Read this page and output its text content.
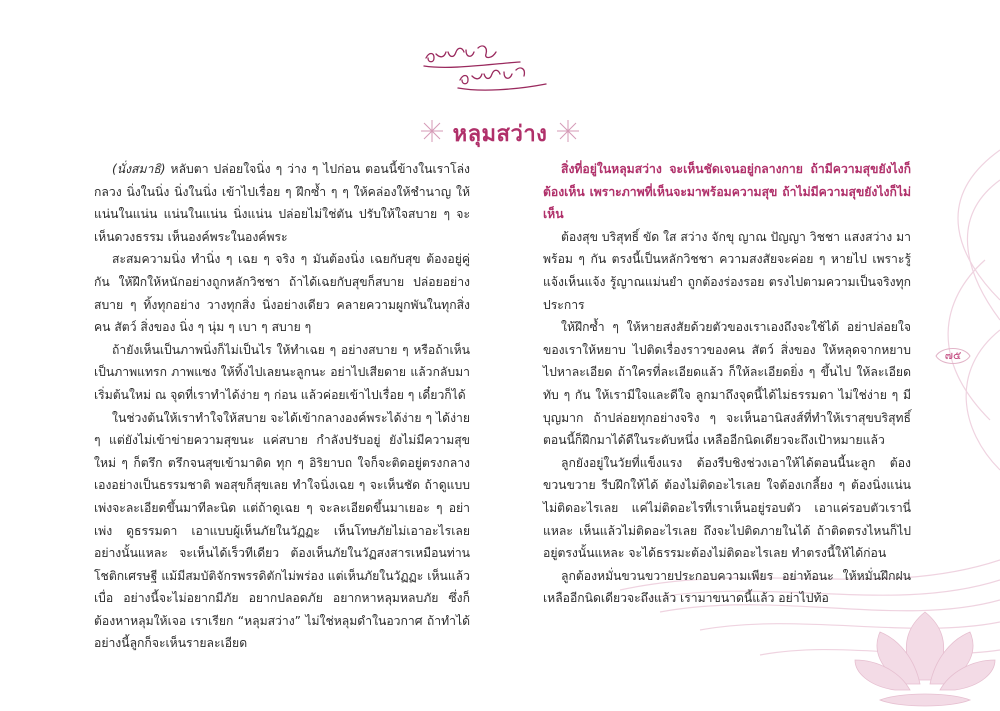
หลุมสว่าง

(นั่งสมาธิ) หลับตา ปล่อยใจนิ่ง ๆ ว่าง ๆ ไปก่อน ตอนนี้ข้างในเราโล่งกลวง นิ่งในนิ่ง นิ่งในนิ่ง เข้าไปเรื่อย ๆ ฝึกซ้ำ ๆ ๆ ให้คล่องให้ชำนาญ ให้แน่นในแน่น แน่นในแน่น นิ่งแน่น ปล่อยไม่ใช่ตัน ปรับให้ใจสบาย ๆ จะเห็นดวงธรรม เห็นองค์พระในองค์พระ

สะสมความนิ่ง ทำนิ่ง ๆ เฉย ๆ จริง ๆ มันต้องนิ่ง เฉยกับสุข ต้องอยู่คู่กัน ให้ฝึกให้หนักอย่างถูกหลักวิชชา ถ้าได้เฉยกับสุขก็สบาย ปล่อยอย่างสบาย ๆ ทิ้งทุกอย่าง วางทุกสิ่ง นิ่งอย่างเดียว คลายความผูกพันในทุกสิ่ง คน สัตว์ สิ่งของ นิ่ง ๆ นุ่ม ๆ เบา ๆ สบาย ๆ

ถ้ายังเห็นเป็นภาพนิ่งก็ไม่เป็นไร ให้ทำเฉย ๆ อย่างสบาย ๆ หรือถ้าเห็นเป็นภาพแทรก ภาพแซง ให้ทิ้งไปเลยนะลูกนะ อย่าไปเสียดาย แล้วกลับมาเริ่มต้นใหม่ ณ จุดที่เราทำได้ง่าย ๆ ก่อน แล้วค่อยเข้าไปเรื่อย ๆ เดี๋ยวก็ได้

ในช่วงต้นให้เราทำใจให้สบาย จะได้เข้ากลางองค์พระได้ง่าย ๆ ได้ง่าย ๆ แต่ยังไม่เข้าข่ายความสุขนะ แค่สบาย กำลังปรับอยู่ ยังไม่มีความสุข ใหม่ ๆ ก็ตรึก ตรึกจนสุขเข้ามาติด ทุก ๆ อิริยาบถ ใจก็จะติดอยู่ตรงกลางเองอย่างเป็นธรรมชาติ พอสุขก็สุขเลย ทำใจนิ่งเฉย ๆ จะเห็นชัด ถ้าดูแบบเพ่งจะละเอียดขึ้นมาทีละนิด แต่ถ้าดูเฉย ๆ จะละเอียดขึ้นมาเยอะ ๆ อย่าเพ่ง ดูธรรมดา เอาแบบผู้เห็นภัยในวัฏฏะ เห็นโทษภัยไม่เอาอะไรเลย อย่างนั้นแหละ จะเห็นได้เร็วทีเดียว ต้องเห็นภัยในวัฏสงสารเหมือนท่านโชติกเศรษฐี แม้มีสมบัติจักรพรรดิตักไม่พร่อง แต่เห็นภัยในวัฏฏะ เห็นแล้วเบื่อ อย่างนี้จะไม่อยากมีภัย อยากปลอดภัย อยากหาหลุมหลบภัย ซึ่งก็ต้องหาหลุมให้เจอ เราเรียก “หลุมสว่าง” ไม่ใช่หลุมดำในอวกาศ ถ้าทำได้อย่างนี้ลูกก็จะเห็นรายละเอียด

สิ่งที่อยู่ในหลุมสว่าง จะเห็นชัดเจนอยู่กลางกาย ถ้ามีความสุขยังไงก็ต้องเห็น เพราะภาพที่เห็นจะมาพร้อมความสุข ถ้าไม่มีความสุขยังไงก็ไม่เห็น

ต้องสุข บริสุทธิ์ ขัด ใส สว่าง จักขุ ญาณ ปัญญา วิชชา แสงสว่าง มาพร้อม ๆ กัน ตรงนี้เป็นหลักวิชชา ความสงสัยจะค่อย ๆ หายไป เพราะรู้แจ้งเห็นแจ้ง รู้ญาณแม่นยำ ถูกต้องร่องรอย ตรงไปตามความเป็นจริงทุกประการ

ให้ฝึกซ้ำ ๆ ให้หายสงสัยด้วยตัวของเราเองถึงจะใช้ได้ อย่าปล่อยใจของเราให้หยาบ ไปติดเรื่องราวของคน สัตว์ สิ่งของ ให้หลุดจากหยาบไปหาละเอียด ถ้าใครที่ละเอียดแล้ว ก็ให้ละเอียดยิ่ง ๆ ขึ้นไป ให้ละเอียดทับ ๆ กัน ให้เรามีใจและดีใจ ลูกมาถึงจุดนี้ได้ไม่ธรรมดา ไม่ใช่ง่าย ๆ มีบุญมาก ถ้าปล่อยทุกอย่างจริง ๆ จะเห็นอานิสงส์ที่ทำให้เราสุขบริสุทธิ์ ตอนนี้ก็ฝึกมาได้ดีในระดับหนึ่ง เหลืออีกนิดเดียวจะถึงเป้าหมายแล้ว

ลูกยังอยู่ในวัยที่แข็งแรง ต้องรีบชิงช่วงเอาให้ได้ตอนนี้นะลูก ต้องขวนขวาย รีบฝึกให้ได้ ต้องไม่ติดอะไรเลย ใจต้องเกลี้ยง ๆ ต้องนิ่งแน่น ไม่ติดอะไรเลย แค่ไม่ติดอะไรที่เราเห็นอยู่รอบตัว เอาแค่รอบตัวเรานี่แหละ เห็นแล้วไม่ติดอะไรเลย ถึงจะไปติดภายในได้ ถ้าติดตรงไหนก็ไปอยู่ตรงนั้นแหละ จะได้ธรรมะต้องไม่ติดอะไรเลย ทำตรงนี้ให้ได้ก่อน

ลูกต้องหมั่นขวนขวายประกอบความเพียร อย่าท้อนะ ให้หมั่นฝึกฝน เหลืออีกนิดเดียวจะถึงแล้ว เรามาขนาดนี้แล้ว อย่าไปท้อ

๗๕
